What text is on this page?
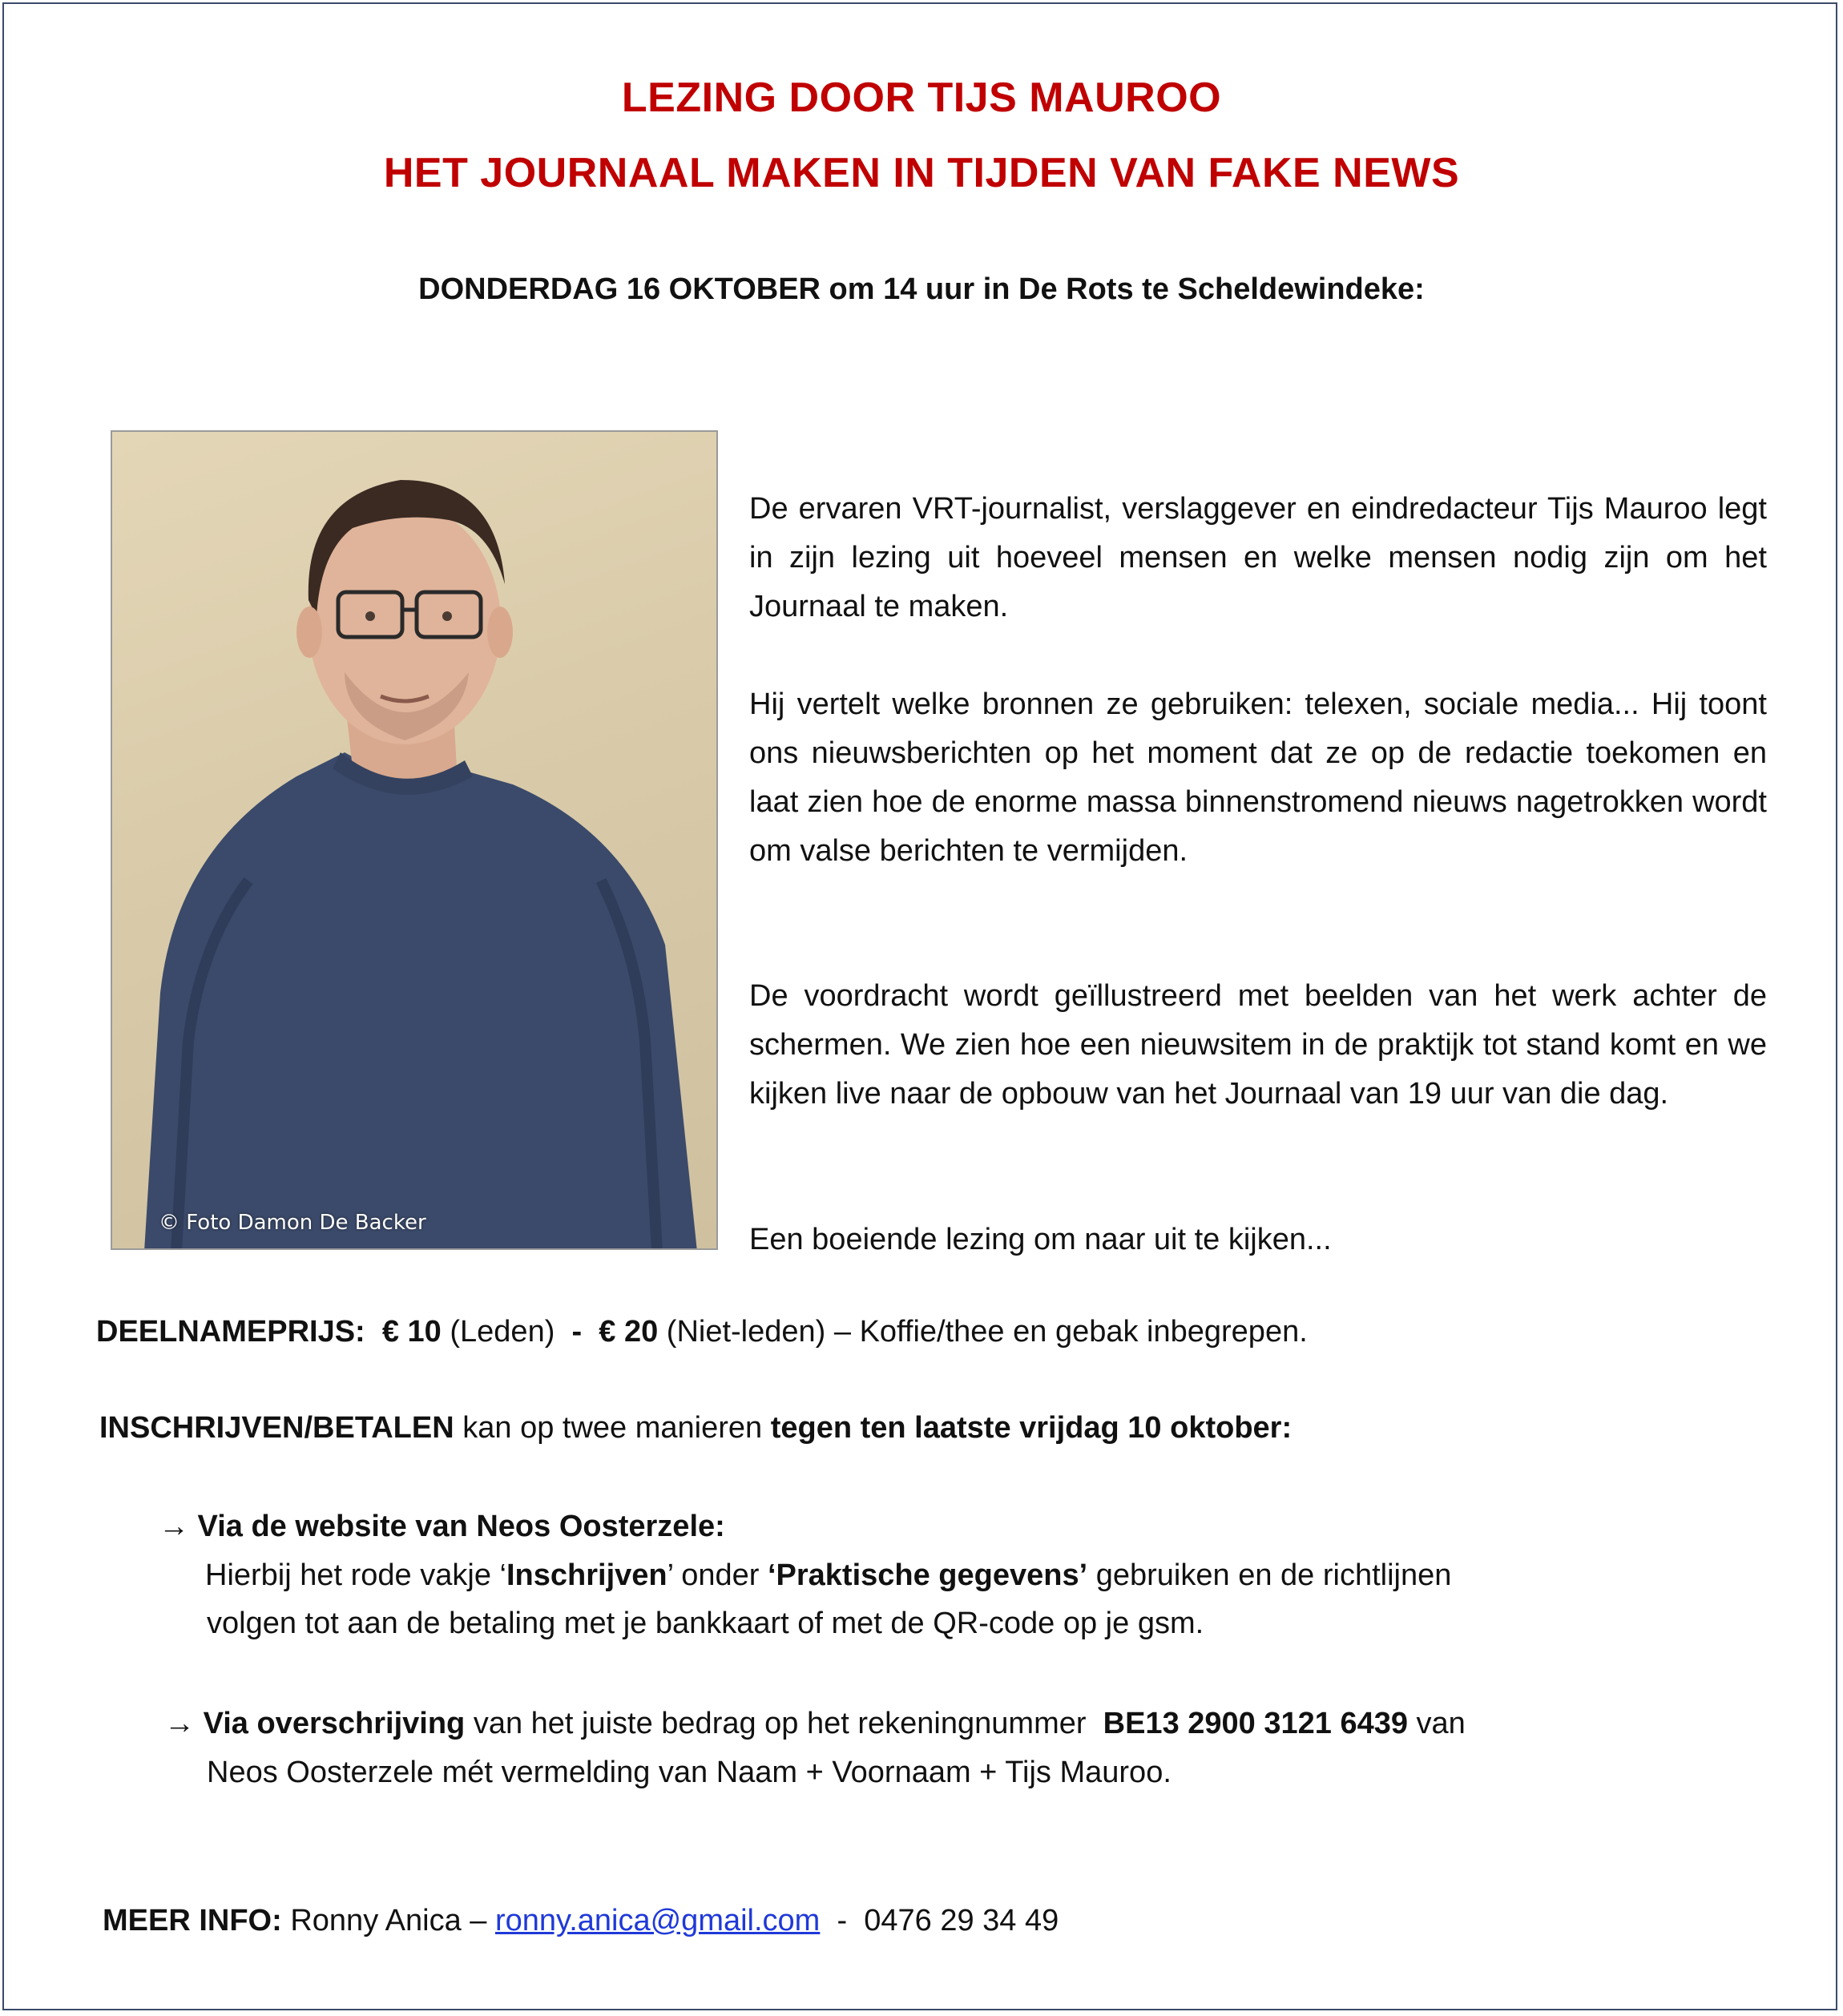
LEZING DOOR TIJS MAUROO
HET JOURNAAL MAKEN IN TIJDEN VAN FAKE NEWS
DONDERDAG 16 OKTOBER om 14 uur in De Rots te Scheldewindeke:
© Foto Damon De Backer
De ervaren VRT-journalist, verslaggever en eindredacteur Tijs Mauroo legt in zijn lezing uit hoeveel mensen en welke mensen nodig zijn om het Journaal te maken.
Hij vertelt welke bronnen ze gebruiken: telexen, sociale media... Hij toont ons nieuwsberichten op het moment dat ze op de redactie toekomen en laat zien hoe de enorme massa binnenstromend nieuws nagetrokken wordt om valse berichten te vermijden.
De voordracht wordt geïllustreerd met beelden van het werk achter de schermen. We zien hoe een nieuwsitem in de praktijk tot stand komt en we kijken live naar de opbouw van het Journaal van 19 uur van die dag.
Een boeiende lezing om naar uit te kijken...
DEELNAMEPRIJS: € 10 (Leden) - € 20 (Niet-leden) – Koffie/thee en gebak inbegrepen.
INSCHRIJVEN/BETALEN kan op twee manieren tegen ten laatste vrijdag 10 oktober:
→ Via de website van Neos Oosterzele:
Hierbij het rode vakje ‘Inschrijven’ onder ‘Praktische gegevens’ gebruiken en de richtlijnen
volgen tot aan de betaling met je bankkaart of met de QR-code op je gsm.
→ Via overschrijving van het juiste bedrag op het rekeningnummer BE13 2900 3121 6439 van
Neos Oosterzele mét vermelding van Naam + Voornaam + Tijs Mauroo.
MEER INFO: Ronny Anica – ronny.anica@gmail.com - 0476 29 34 49
